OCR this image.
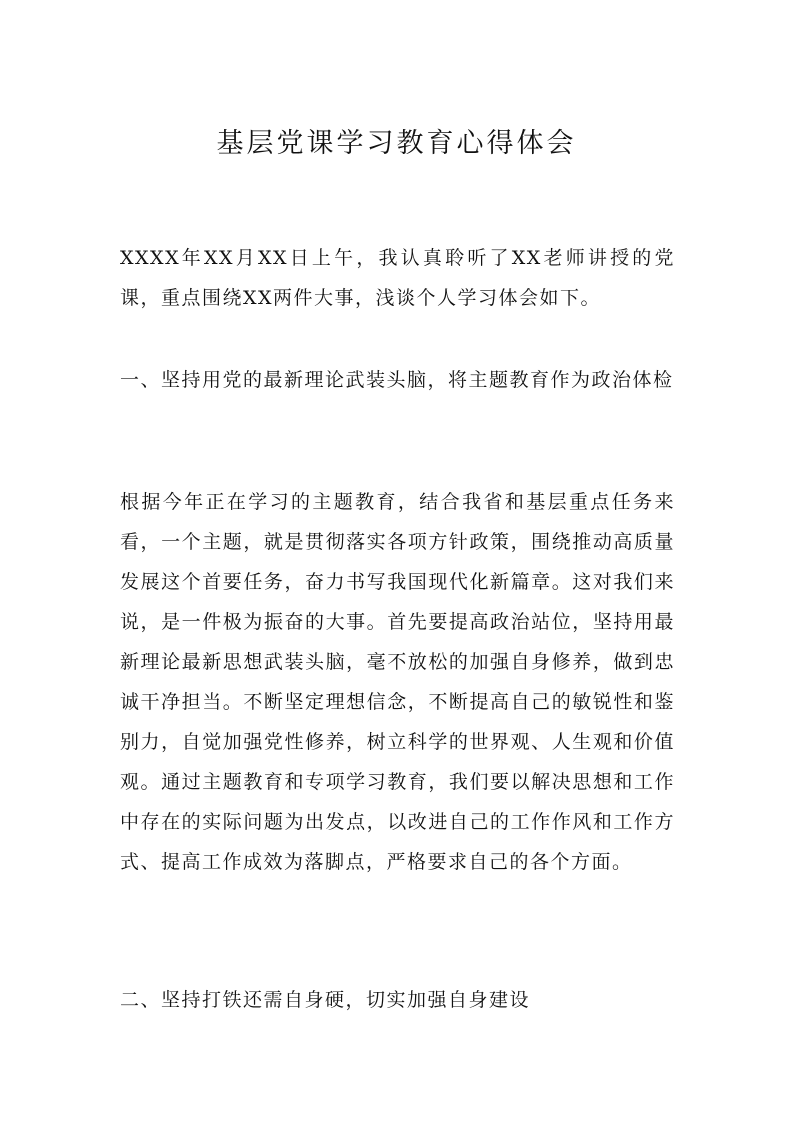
基层党课学习教育心得体会

XXXX年XX月XX日上午，我认真聆听了XX老师讲授的党课，重点围绕XX两件大事，浅谈个人学习体会如下。

一、坚持用党的最新理论武装头脑，将主题教育作为政治体检

根据今年正在学习的主题教育，结合我省和基层重点任务来看，一个主题，就是贯彻落实各项方针政策，围绕推动高质量发展这个首要任务，奋力书写我国现代化新篇章。这对我们来说，是一件极为振奋的大事。首先要提高政治站位，坚持用最新理论最新思想武装头脑，毫不放松的加强自身修养，做到忠诚干净担当。不断坚定理想信念，不断提高自己的敏锐性和鉴别力，自觉加强党性修养，树立科学的世界观、人生观和价值观。通过主题教育和专项学习教育，我们要以解决思想和工作中存在的实际问题为出发点，以改进自己的工作作风和工作方式、提高工作成效为落脚点，严格要求自己的各个方面。

二、坚持打铁还需自身硬，切实加强自身建设
